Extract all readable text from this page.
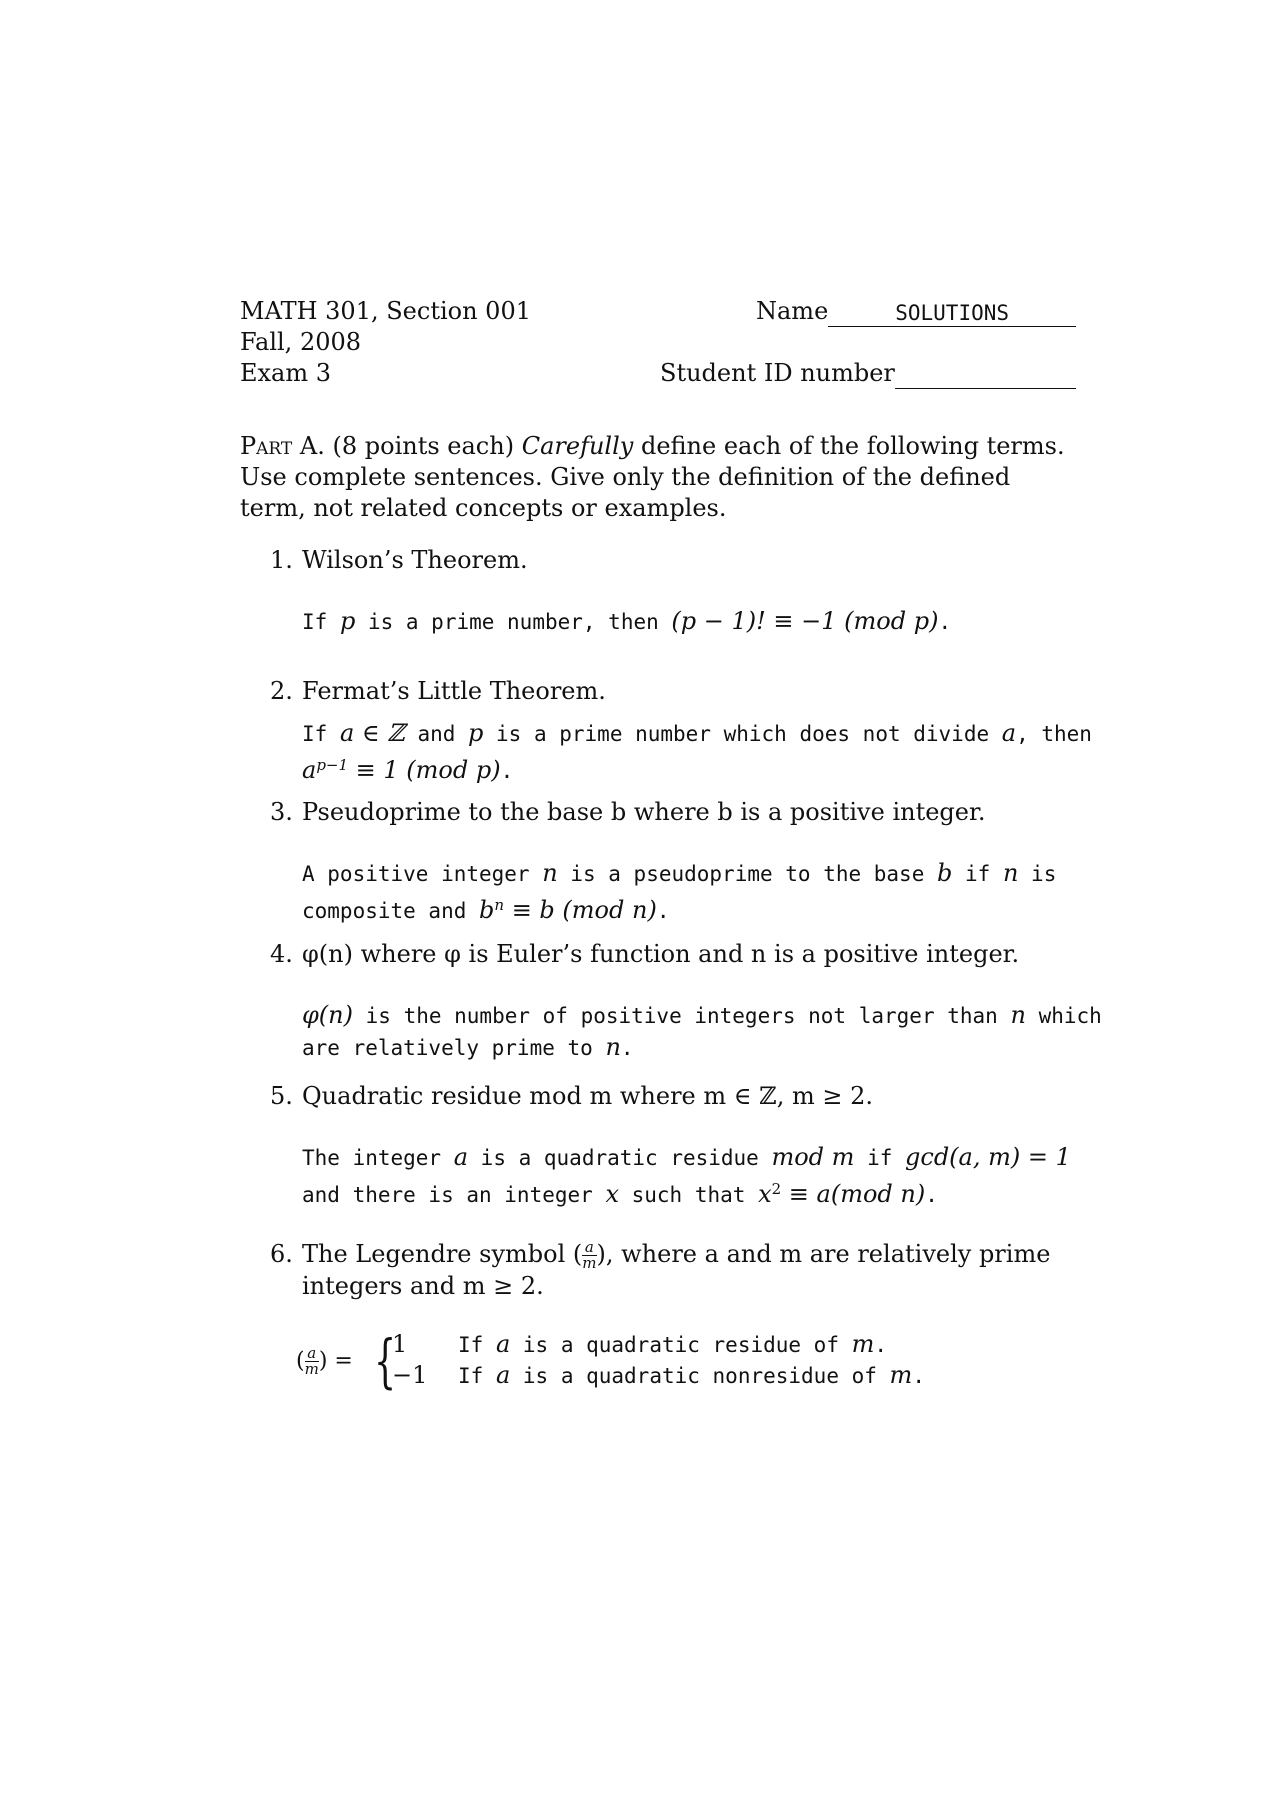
MATH 301, Section 001
Fall, 2008
Exam 3
Name	SOLUTIONS
Student ID number
Part A. (8 points each) Carefully define each of the following terms. Use complete sentences. Give only the definition of the defined term, not related concepts or examples.
1. Wilson’s Theorem.
If p is a prime number, then (p − 1)! ≡ −1 (mod p).
2. Fermat’s Little Theorem.
If a ∈ ℤ and p is a prime number which does not divide a, then
$a^{p-1} \equiv 1$ (mod p).
3. Pseudoprime to the base b where b is a positive integer.
A positive integer n is a pseudoprime to the base b if n is
composite and $b^n \equiv b$ (mod n).
4. φ(n) where φ is Euler’s function and n is a positive integer.
φ(n) is the number of positive integers not larger than n which
are relatively prime to n.
5. Quadratic residue mod m where m ∈ ℤ, m ≥ 2.
The integer a is a quadratic residue mod m if gcd(a, m) = 1
and there is an integer x such that $x^2 \equiv a(mod$ n).
6. The Legendre symbol ( $\frac{a}{m}$ ), where a and m are relatively prime integers and m ≥ 2.
( $\frac{a}{m}$ ) = {
1 If a is a quadratic residue of m.
−1 If a is a quadratic nonresidue of m.
